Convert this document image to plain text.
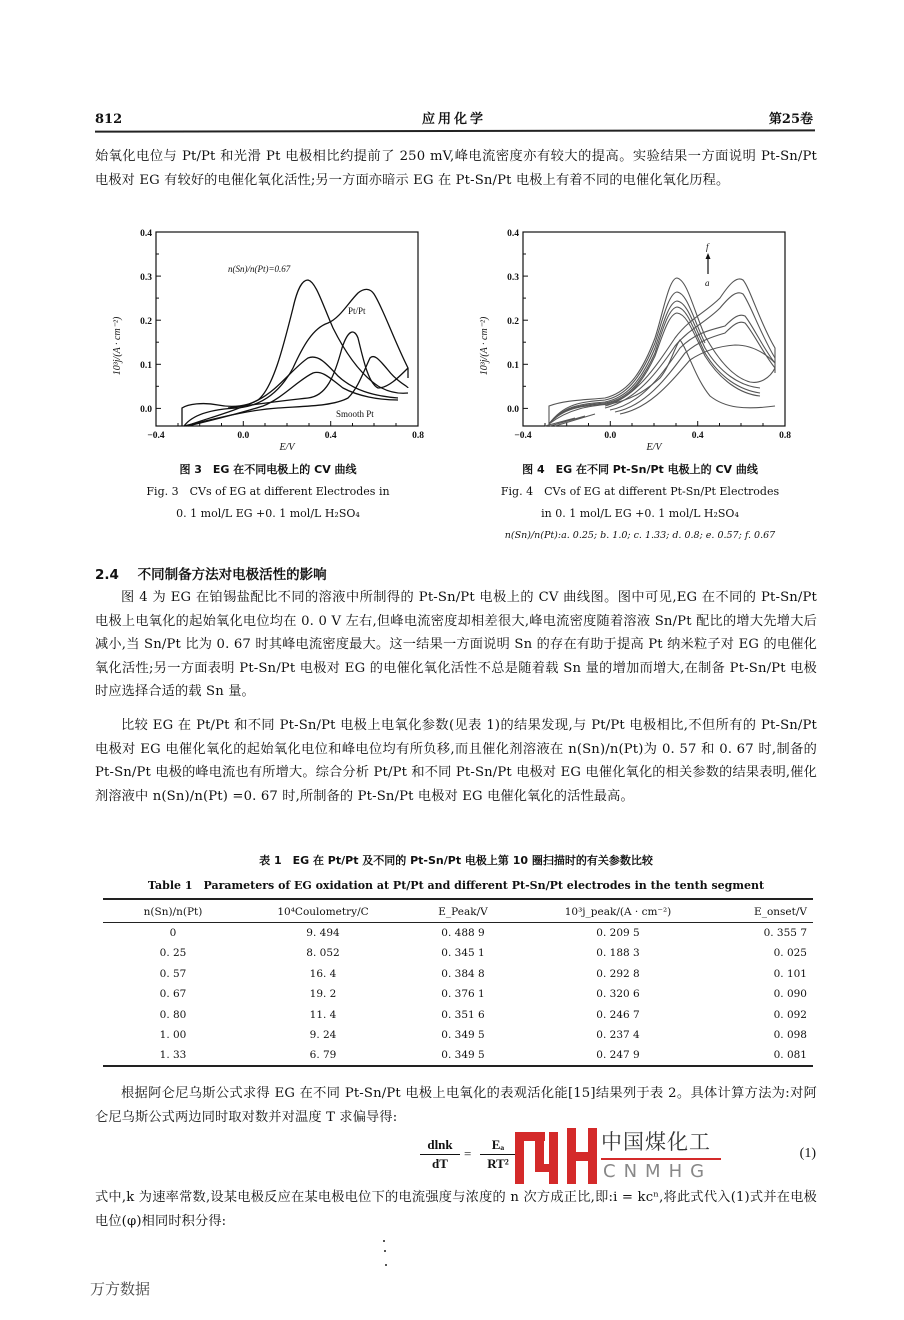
812	应用化学	第25卷

始氧化电位与 Pt/Pt 和光滑 Pt 电极相比约提前了 250 mV,峰电流密度亦有较大的提高。实验结果一方面说明 Pt-Sn/Pt 电极对 EG 有较好的电催化氧化活性;另一方面亦暗示 EG 在 Pt-Sn/Pt 电极上有着不同的电催化氧化历程。

10³j/(A · cm⁻²)
0.0
0.1
0.2
0.3
0.4
−0.4	0.0	0.4	0.8
E/V
n(Sn)/n(Pt)=0.67
Pt/Pt
Smooth Pt
10³j/(A · cm⁻²)
0.0
0.1
0.2
0.3
0.4
−0.4	0.0	0.4	0.8
E/V
f
a
图 3　EG 在不同电极上的 CV 曲线
Fig. 3　CVs of EG at different Electrodes in
0. 1 mol/L EG +0. 1 mol/L H₂SO₄
图 4　EG 在不同 Pt-Sn/Pt 电极上的 CV 曲线
Fig. 4　CVs of EG at different Pt-Sn/Pt Electrodes
in 0. 1 mol/L EG +0. 1 mol/L H₂SO₄
n(Sn)/n(Pt):a. 0.25; b. 1.0; c. 1.33; d. 0.8; e. 0.57; f. 0.67
2.4 不同制备方法对电极活性的影响

图 4 为 EG 在铂锡盐配比不同的溶液中所制得的 Pt-Sn/Pt 电极上的 CV 曲线图。图中可见,EG 在不同的 Pt-Sn/Pt 电极上电氧化的起始氧化电位均在 0. 0 V 左右,但峰电流密度却相差很大,峰电流密度随着溶液 Sn/Pt 配比的增大先增大后减小,当 Sn/Pt 比为 0. 67 时其峰电流密度最大。这一结果一方面说明 Sn 的存在有助于提高 Pt 纳米粒子对 EG 的电催化氧化活性;另一方面表明 Pt-Sn/Pt 电极对 EG 的电催化氧化活性不总是随着载 Sn 量的增加而增大,在制备 Pt-Sn/Pt 电极时应选择合适的载 Sn 量。

比较 EG 在 Pt/Pt 和不同 Pt-Sn/Pt 电极上电氧化参数(见表 1)的结果发现,与 Pt/Pt 电极相比,不但所有的 Pt-Sn/Pt 电极对 EG 电催化氧化的起始氧化电位和峰电位均有所负移,而且催化剂溶液在 n(Sn)/n(Pt)为 0. 57 和 0. 67 时,制备的 Pt-Sn/Pt 电极的峰电流也有所增大。综合分析 Pt/Pt 和不同 Pt-Sn/Pt 电极对 EG 电催化氧化的相关参数的结果表明,催化剂溶液中 n(Sn)/n(Pt) =0. 67 时,所制备的 Pt-Sn/Pt 电极对 EG 电催化氧化的活性最高。

表 1　EG 在 Pt/Pt 及不同的 Pt-Sn/Pt 电极上第 10 圈扫描时的有关参数比较
Table 1　Parameters of EG oxidation at Pt/Pt and different Pt-Sn/Pt electrodes in the tenth segment
n(Sn)/n(Pt)	10⁴Coulometry/C	E_Peak/V	10³j_peak/(A · cm⁻²)	E_onset/V
0	9. 494	0. 488 9	0. 209 5	0. 355 7
0. 25	8. 052	0. 345 1	0. 188 3	0. 025
0. 57	16. 4	0. 384 8	0. 292 8	0. 101
0. 67	19. 2	0. 376 1	0. 320 6	0. 090
0. 80	11. 4	0. 351 6	0. 246 7	0. 092
1. 00	9. 24	0. 349 5	0. 237 4	0. 098
1. 33	6. 79	0. 349 5	0. 247 9	0. 081

根据阿仑尼乌斯公式求得 EG 在不同 Pt-Sn/Pt 电极上电氧化的表观活化能[15]结果列于表 2。具体计算方法为:对阿仑尼乌斯公式两边同时取对数并对温度 T 求偏导得:

$\frac{dlnk}{dT} = \frac{\text{Eₐ}}{\text{RT²}}$	(1)
中国煤化工
CNMHG

式中,k 为速率常数,设某电极反应在某电极电位下的电流强度与浓度的 n 次方成正比,即:i = kcⁿ,将此式代入(1)式并在电极电位(φ)相同时积分得:

万方数据
